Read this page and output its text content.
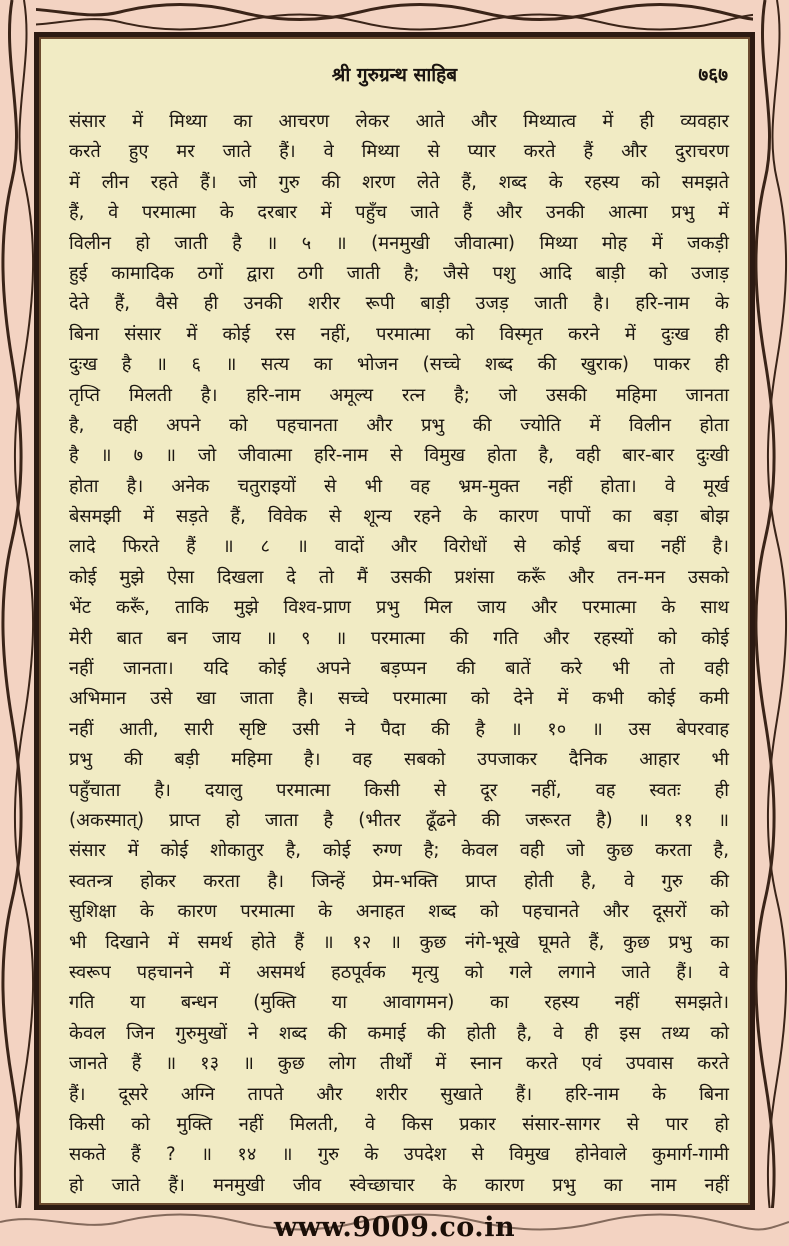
श्री गुरुग्रन्थ साहिब	७६७
संसार में मिथ्या का आचरण लेकर आते और मिथ्यात्व में ही व्यवहार
करते हुए मर जाते हैं। वे मिथ्या से प्यार करते हैं और दुराचरण
में लीन रहते हैं। जो गुरु की शरण लेते हैं, शब्द के रहस्य को समझते
हैं, वे परमात्मा के दरबार में पहुँच जाते हैं और उनकी आत्मा प्रभु में
विलीन हो जाती है ॥ ५ ॥ (मनमुखी जीवात्मा) मिथ्या मोह में जकड़ी
हुई कामादिक ठगों द्वारा ठगी जाती है; जैसे पशु आदि बाड़ी को उजाड़
देते हैं, वैसे ही उनकी शरीर रूपी बाड़ी उजड़ जाती है। हरि-नाम के
बिना संसार में कोई रस नहीं, परमात्मा को विस्मृत करने में दुःख ही
दुःख है ॥ ६ ॥ सत्य का भोजन (सच्चे शब्द की खुराक) पाकर ही
तृप्ति मिलती है। हरि-नाम अमूल्य रत्न है; जो उसकी महिमा जानता
है, वही अपने को पहचानता और प्रभु की ज्योति में विलीन होता
है ॥ ७ ॥ जो जीवात्मा हरि-नाम से विमुख होता है, वही बार-बार दुःखी
होता है। अनेक चतुराइयों से भी वह भ्रम-मुक्त नहीं होता। वे मूर्ख
बेसमझी में सड़ते हैं, विवेक से शून्य रहने के कारण पापों का बड़ा बोझ
लादे फिरते हैं ॥ ८ ॥ वादों और विरोधों से कोई बचा नहीं है।
कोई मुझे ऐसा दिखला दे तो मैं उसकी प्रशंसा करूँ और तन-मन उसको
भेंट करूँ, ताकि मुझे विश्व-प्राण प्रभु मिल जाय और परमात्मा के साथ
मेरी बात बन जाय ॥ ९ ॥ परमात्मा की गति और रहस्यों को कोई
नहीं जानता। यदि कोई अपने बड़प्पन की बातें करे भी तो वही
अभिमान उसे खा जाता है। सच्चे परमात्मा को देने में कभी कोई कमी
नहीं आती, सारी सृष्टि उसी ने पैदा की है ॥ १० ॥ उस बेपरवाह
प्रभु की बड़ी महिमा है। वह सबको उपजाकर दैनिक आहार भी
पहुँचाता है। दयालु परमात्मा किसी से दूर नहीं, वह स्वतः ही
(अकस्मात्) प्राप्त हो जाता है (भीतर ढूँढने की जरूरत है) ॥ ११ ॥
संसार में कोई शोकातुर है, कोई रुग्ण है; केवल वही जो कुछ करता है,
स्वतन्त्र होकर करता है। जिन्हें प्रेम-भक्ति प्राप्त होती है, वे गुरु की
सुशिक्षा के कारण परमात्मा के अनाहत शब्द को पहचानते और दूसरों को
भी दिखाने में समर्थ होते हैं ॥ १२ ॥ कुछ नंगे-भूखे घूमते हैं, कुछ प्रभु का
स्वरूप पहचानने में असमर्थ हठपूर्वक मृत्यु को गले लगाने जाते हैं। वे
गति या बन्धन (मुक्ति या आवागमन) का रहस्य नहीं समझते।
केवल जिन गुरुमुखों ने शब्द की कमाई की होती है, वे ही इस तथ्य को
जानते हैं ॥ १३ ॥ कुछ लोग तीर्थों में स्नान करते एवं उपवास करते
हैं। दूसरे अग्नि तापते और शरीर सुखाते हैं। हरि-नाम के बिना
किसी को मुक्ति नहीं मिलती, वे किस प्रकार संसार-सागर से पार हो
सकते हैं ? ॥ १४ ॥ गुरु के उपदेश से विमुख होनेवाले कुमार्ग-गामी
हो जाते हैं। मनमुखी जीव स्वेच्छाचार के कारण प्रभु का नाम नहीं
www.9009.co.in
